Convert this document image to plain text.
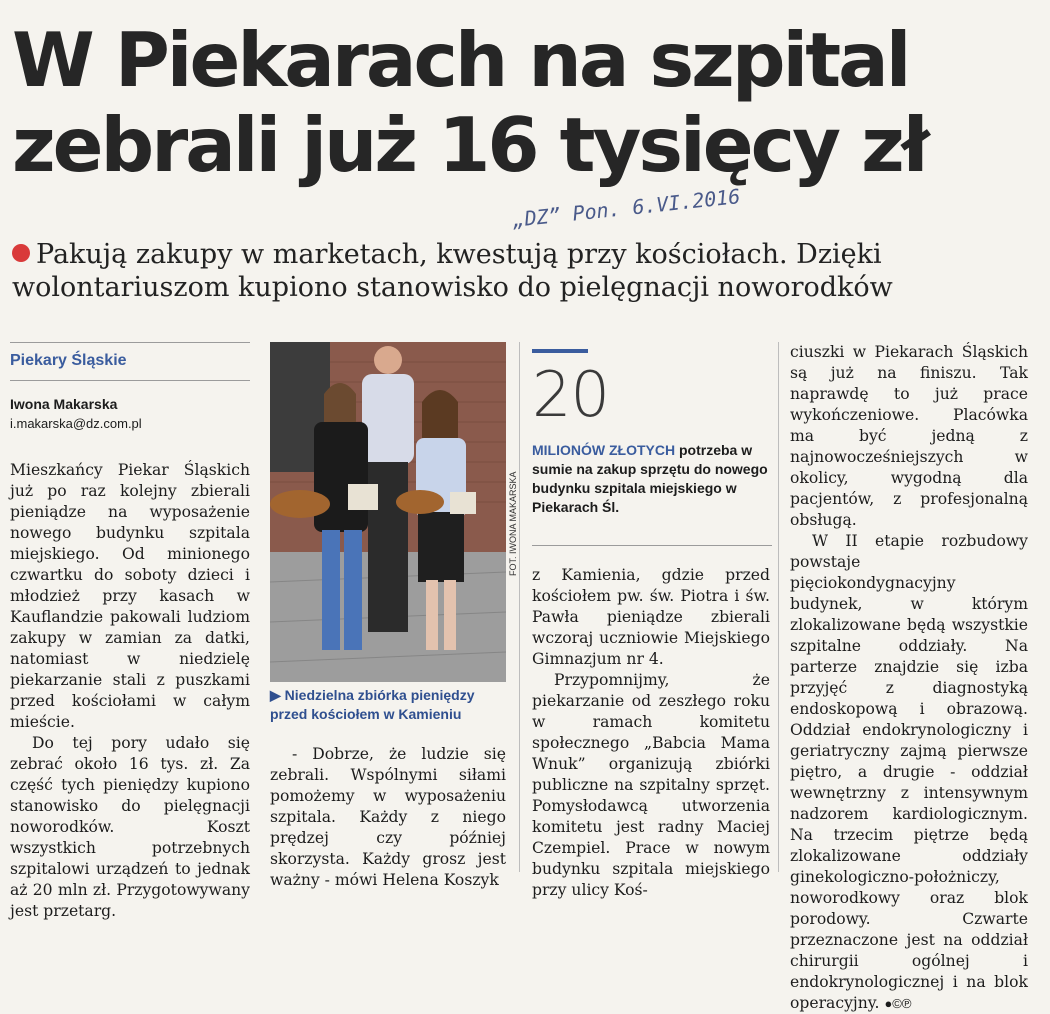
W Piekarach na szpital
zebrali już 16 tysięcy zł
„DZ” Pon. 6.VI.2016

Pakują zakupy w marketach, kwestują przy kościołach. Dzięki wolontariuszom kupiono stanowisko do pielęgnacji noworodków

Piekary Śląskie
Iwona Makarska
i.makarska@dz.com.pl

Mieszkańcy Piekar Śląskich już po raz kolejny zbierali pieniądze na wyposażenie nowego budynku szpitala miejskiego. Od minionego czwartku do soboty dzieci i młodzież przy kasach w Kauflandzie pakowali ludziom zakupy w zamian za datki, natomiast w niedzielę piekarzanie stali z puszkami przed kościołami w całym mieście.

Do tej pory udało się zebrać około 16 tys. zł. Za część tych pieniędzy kupiono stanowisko do pielęgnacji noworodków. Koszt wszystkich potrzebnych szpitalowi urządzeń to jednak aż 20 mln zł. Przygotowywany jest przetarg.

FOT. IWONA MAKARSKA

▶ Niedzielna zbiórka pieniędzy przed kościołem w Kamieniu

- Dobrze, że ludzie się zebrali. Wspólnymi siłami pomożemy w wyposażeniu szpitala. Każdy z niego prędzej czy później skorzysta. Każdy grosz jest ważny - mówi Helena Koszyk

20

MILIONÓW ZŁOTYCH potrzeba w sumie na zakup sprzętu do nowego budynku szpitala miejskiego w Piekarach Śl.

z Kamienia, gdzie przed kościołem pw. św. Piotra i św. Pawła pieniądze zbierali wczoraj uczniowie Miejskiego Gimnazjum nr 4.

Przypomnijmy, że piekarzanie od zeszłego roku w ramach komitetu społecznego „Babcia Mama Wnuk” organizują zbiórki publiczne na szpitalny sprzęt. Pomysłodawcą utworzenia komitetu jest radny Maciej Czempiel. Prace w nowym budynku szpitala miejskiego przy ulicy Koś-

ciuszki w Piekarach Śląskich są już na finiszu. Tak naprawdę to już prace wykończeniowe. Placówka ma być jedną z najnowocześniejszych w okolicy, wygodną dla pacjentów, z profesjonalną obsługą.

W II etapie rozbudowy powstaje pięciokondygnacyjny budynek, w którym zlokalizowane będą wszystkie szpitalne oddziały. Na parterze znajdzie się izba przyjęć z diagnostyką endoskopową i obrazową. Oddział endokrynologiczny i geriatryczny zajmą pierwsze piętro, a drugie - oddział wewnętrzny z intensywnym nadzorem kardiologicznym. Na trzecim piętrze będą zlokalizowane oddziały ginekologiczno-położniczy, noworodkowy oraz blok porodowy. Czwarte przeznaczone jest na oddział chirurgii ogólnej i endokrynologicznej i na blok operacyjny. ●©℗
